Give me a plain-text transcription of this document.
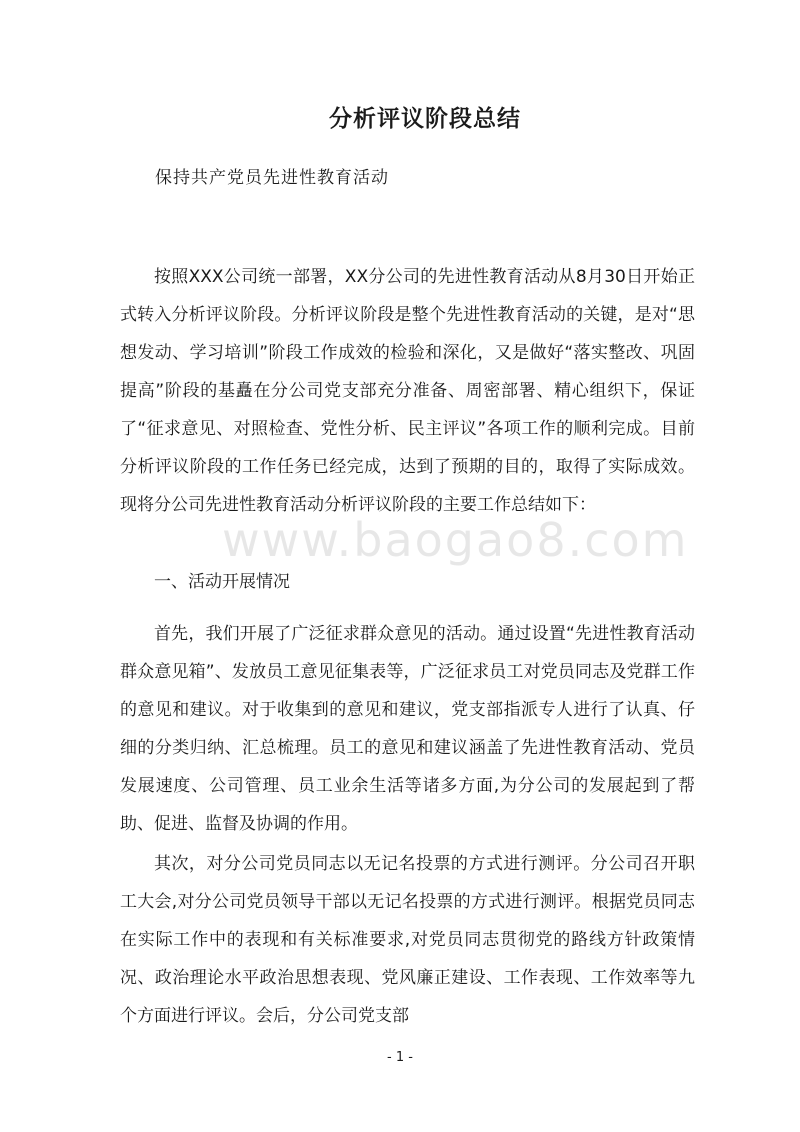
分析评议阶段总结
保持共产党员先进性教育活动

按照XXX公司统一部署，XX分公司的先进性教育活动从8月30日开始正式转入分析评议阶段。分析评议阶段是整个先进性教育活动的关键，是对“思想发动、学习培训”阶段工作成效的检验和深化，又是做好“落实整改、巩固提高”阶段的基矗在分公司党支部充分准备、周密部署、精心组织下，保证了“征求意见、对照检查、党性分析、民主评议”各项工作的顺利完成。目前分析评议阶段的工作任务已经完成，达到了预期的目的，取得了实际成效。现将分公司先进性教育活动分析评议阶段的主要工作总结如下：

一、活动开展情况

首先，我们开展了广泛征求群众意见的活动。通过设置“先进性教育活动群众意见箱”、发放员工意见征集表等，广泛征求员工对党员同志及党群工作的意见和建议。对于收集到的意见和建议，党支部指派专人进行了认真、仔细的分类归纳、汇总梳理。员工的意见和建议涵盖了先进性教育活动、党员发展速度、公司管理、员工业余生活等诸多方面,为分公司的发展起到了帮助、促进、监督及协调的作用。

其次，对分公司党员同志以无记名投票的方式进行测评。分公司召开职工大会,对分公司党员领导干部以无记名投票的方式进行测评。根据党员同志在实际工作中的表现和有关标准要求,对党员同志贯彻党的路线方针政策情况、政治理论水平政治思想表现、党风廉正建设、工作表现、工作效率等九个方面进行评议。会后，分公司党支部

www.baogao8.com
- 1 -
